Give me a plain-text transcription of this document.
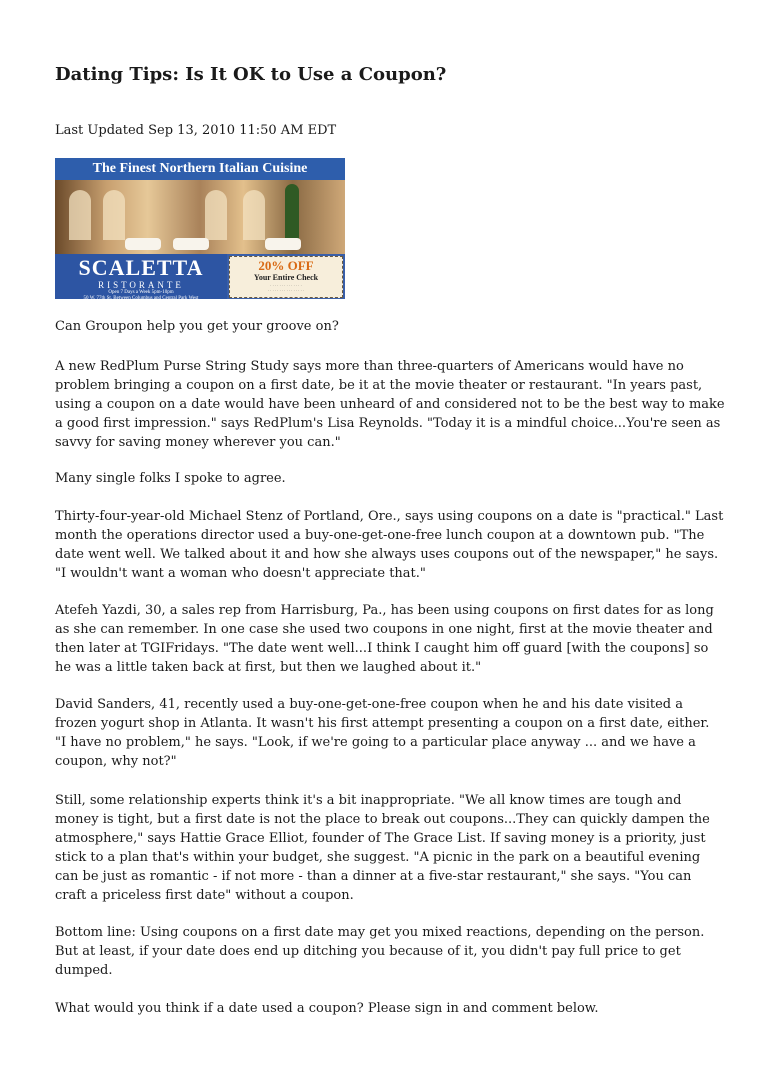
Dating Tips: Is It OK to Use a Coupon?
Last Updated Sep 13, 2010 11:50 AM EDT
The Finest Northern Italian Cuisine
SCALETTA
RISTORANTE
Open 7 Days a Week 5pm-10pm
50 W. 77th St. Between Columbus and Central Park West
20% OFF
Your Entire Check
· · · · · · · · · · · · · ·
· · · · · · · · · · · · · · · ·

Can Groupon help you get your groove on?

A new RedPlum Purse String Study says more than three-quarters of Americans would have no
problem bringing a coupon on a first date, be it at the movie theater or restaurant. "In years past,
using a coupon on a date would have been unheard of and considered not to be the best way to make
a good first impression." says RedPlum's Lisa Reynolds. "Today it is a mindful choice...You're seen as
savvy for saving money wherever you can."

Many single folks I spoke to agree.

Thirty-four-year-old Michael Stenz of Portland, Ore., says using coupons on a date is "practical." Last
month the operations director used a buy-one-get-one-free lunch coupon at a downtown pub. "The
date went well. We talked about it and how she always uses coupons out of the newspaper," he says.
"I wouldn't want a woman who doesn't appreciate that."

Atefeh Yazdi, 30, a sales rep from Harrisburg, Pa., has been using coupons on first dates for as long
as she can remember. In one case she used two coupons in one night, first at the movie theater and
then later at TGIFridays. "The date went well...I think I caught him off guard [with the coupons] so
he was a little taken back at first, but then we laughed about it."

David Sanders, 41, recently used a buy-one-get-one-free coupon when he and his date visited a
frozen yogurt shop in Atlanta. It wasn't his first attempt presenting a coupon on a first date, either.
"I have no problem," he says. "Look, if we're going to a particular place anyway ... and we have a
coupon, why not?"

Still, some relationship experts think it's a bit inappropriate. "We all know times are tough and
money is tight, but a first date is not the place to break out coupons...They can quickly dampen the
atmosphere," says Hattie Grace Elliot, founder of The Grace List. If saving money is a priority, just
stick to a plan that's within your budget, she suggest. "A picnic in the park on a beautiful evening
can be just as romantic - if not more - than a dinner at a five-star restaurant," she says. "You can
craft a priceless first date" without a coupon.

Bottom line: Using coupons on a first date may get you mixed reactions, depending on the person.
But at least, if your date does end up ditching you because of it, you didn't pay full price to get
dumped.

What would you think if a date used a coupon? Please sign in and comment below.
